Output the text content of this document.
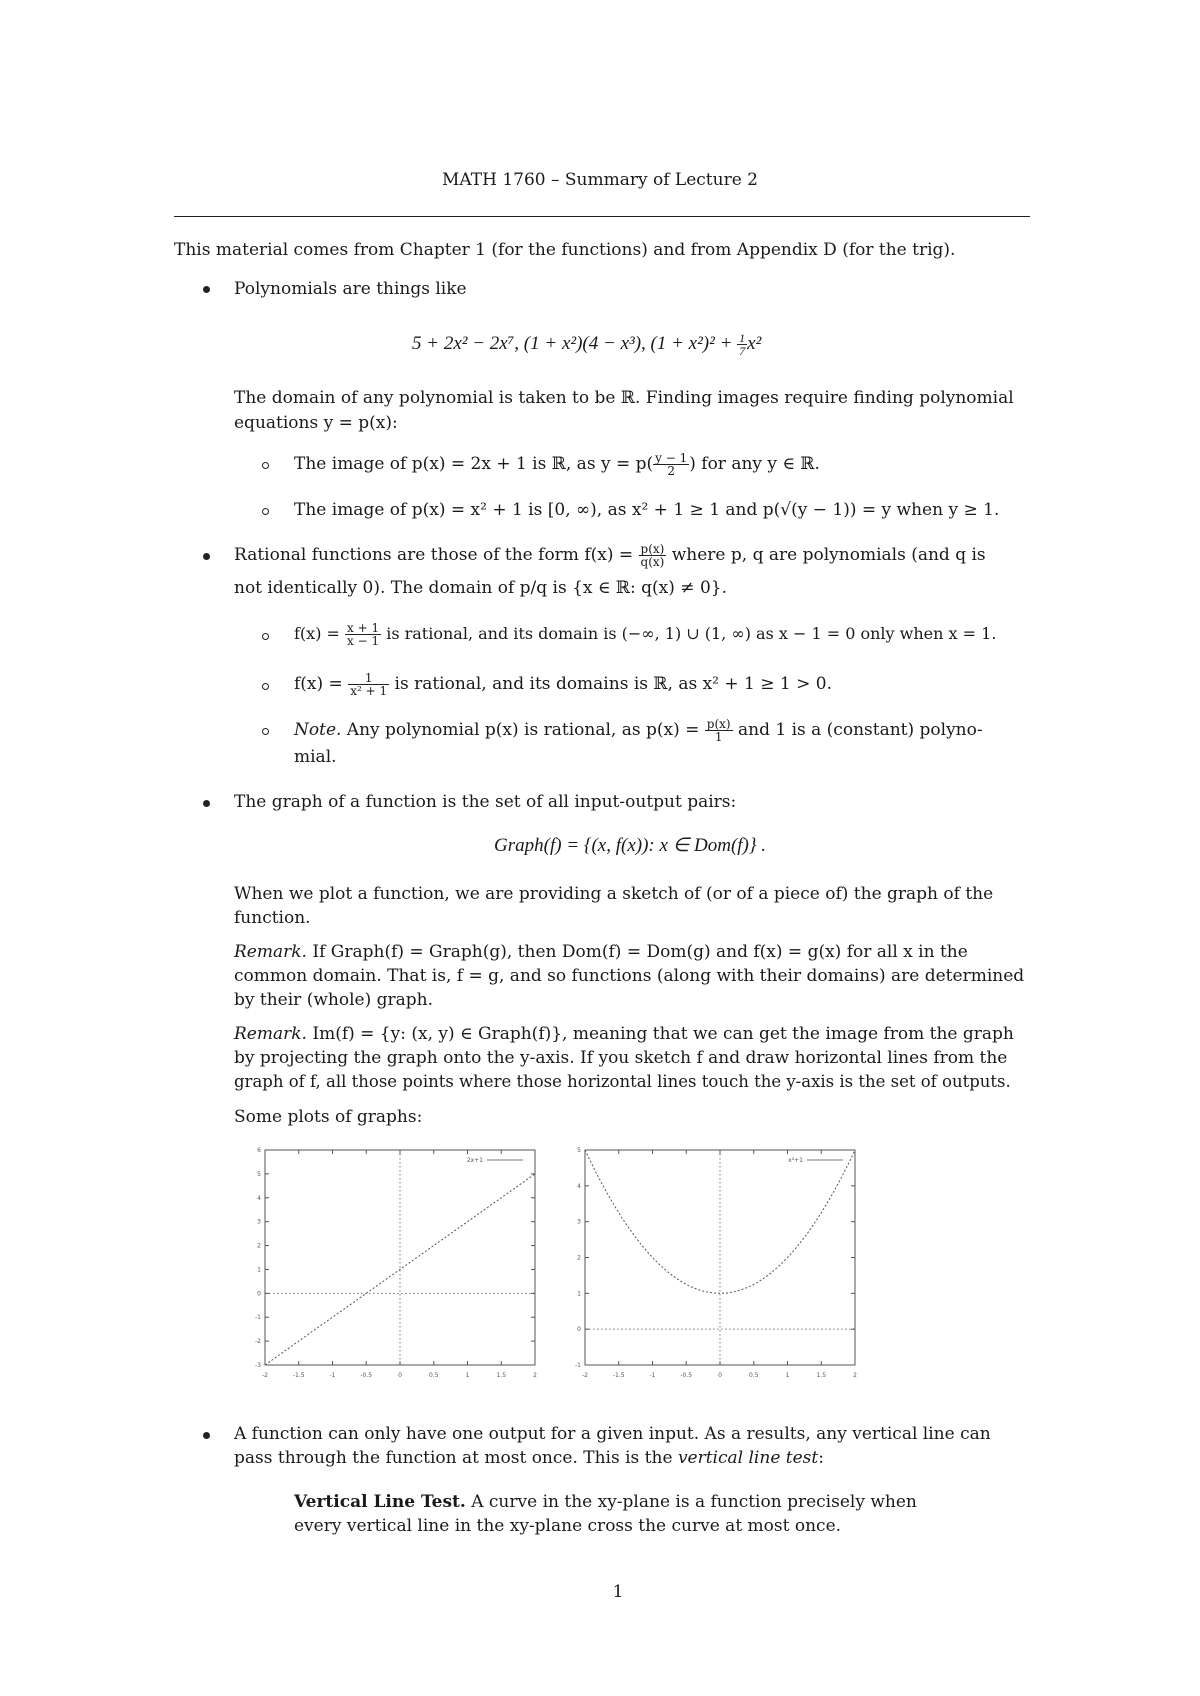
MATH 1760 – Summary of Lecture 2
This material comes from Chapter 1 (for the functions) and from Appendix D (for the trig).
Polynomials are things like
5 + 2x² − 2x⁷, (1 + x²)(4 − x³), $(1 + x^2)^2 + \frac{1}{7} x^2$
The domain of any polynomial is taken to be ℝ. Finding images require finding polynomial
equations y = p(x):
The image of p(x) = 2x + 1 is ℝ, as $y = p( \frac{y - 1}{2}$ ) for any y ∈ ℝ.
The image of p(x) = x² + 1 is [0, ∞), as x² + 1 ≥ 1 and p(√(y − 1)) = y when y ≥ 1.
Rational functions are those of the form $f(x) = \frac{p(x)}{q(x)}$ where p, q are polynomials (and q is
not identically 0). The domain of p/q is {x ∈ ℝ: q(x) ≠ 0}.
$f(x) = \frac{x + 1}{x - 1}$ is rational, and its domain is (−∞, 1) ∪ (1, ∞) as x − 1 = 0 only when x = 1.
$f(x) = \frac{1}{\text{x² + 1}}$ is rational, and its domains is ℝ, as x² + 1 ≥ 1 > 0.
Note. Any polynomial p(x) is rational, as $p(x) = \frac{p(x)}{1}$ and 1 is a (constant) polyno-
mial.
The graph of a function is the set of all input-output pairs:
Graph(f) = {(x, f(x)): x ∈ Dom(f)} .
When we plot a function, we are providing a sketch of (or of a piece of) the graph of the
function.
Remark. If Graph(f) = Graph(g), then Dom(f) = Dom(g) and f(x) = g(x) for all x in the
common domain. That is, f = g, and so functions (along with their domains) are determined
by their (whole) graph.
Remark. Im(f) = {y: (x, y) ∈ Graph(f)}, meaning that we can get the image from the graph
by projecting the graph onto the y-axis. If you sketch f and draw horizontal lines from the
graph of f, all those points where those horizontal lines touch the y-axis is the set of outputs.
Some plots of graphs:
-2	-1.5	-1	-0.5	0	0.5	1	1.5	2
-3
-2
-1
0
1
2
3
4
5
6
2x+1
-2	-1.5	-1	-0.5	0	0.5	1	1.5	2
-1
0
1
2
3
4
5
x²+1
A function can only have one output for a given input. As a results, any vertical line can
pass through the function at most once. This is the vertical line test:
Vertical Line Test. A curve in the xy-plane is a function precisely when
every vertical line in the xy-plane cross the curve at most once.
1
